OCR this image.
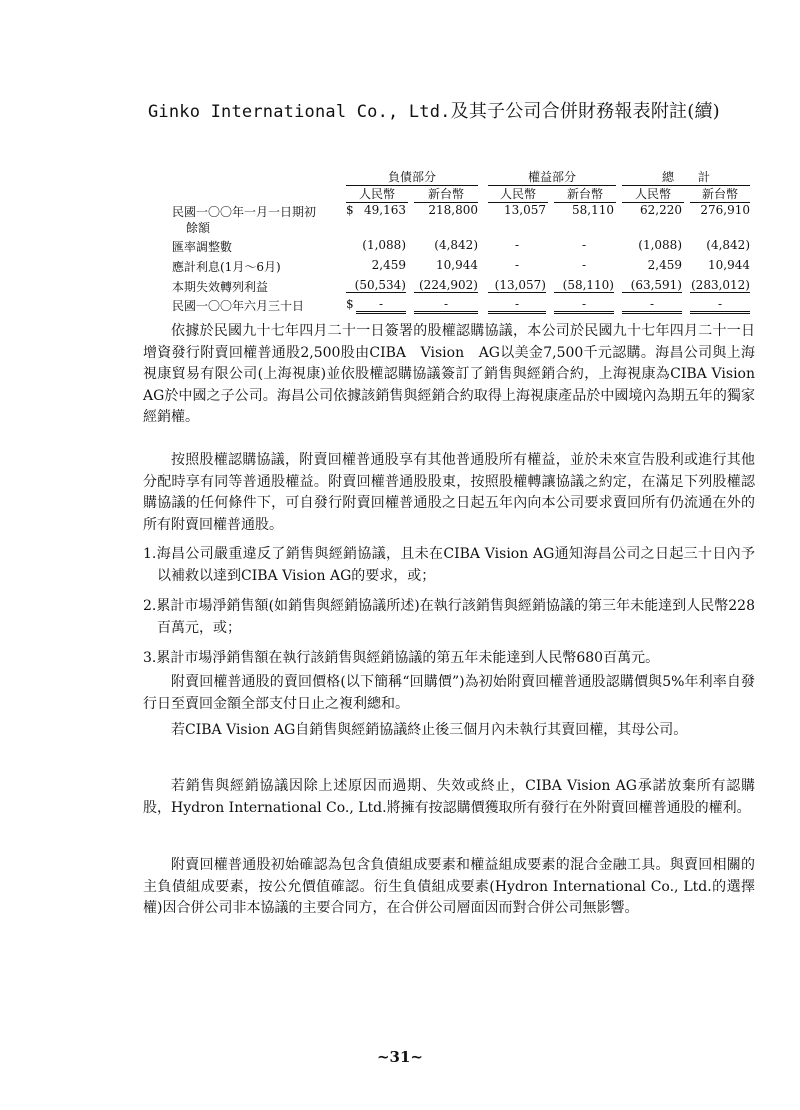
Ginko International Co., Ltd.及其子公司合併財務報表附註(續)
負債部分	權益部分	總　　計
人民幣	新台幣	人民幣	新台幣	人民幣	新台幣
民國一〇〇年一月一日期初
餘額
$ 49,163	218,800	13,057	58,110	62,220	276,910
匯率調整數	(1,088)	(4,842)	-	-	(1,088)	(4,842)
應計利息(1月～6月)	2,459	10,944	-	-	2,459	10,944
本期失效轉列利益	(50,534)	(224,902)	(13,057)	(58,110)	(63,591) (283,012)
民國一〇〇年六月三十日	$	-	-	-	-	-	-
依據於民國九十七年四月二十一日簽署的股權認購協議，本公司於民國九十七年四月二十一日增資發行附賣回權普通股2,500股由CIBA　Vision　AG以美金7,500千元認購。海昌公司與上海視康貿易有限公司(上海視康)並依股權認購協議簽訂了銷售與經銷合約，上海視康為CIBA Vision AG於中國之子公司。海昌公司依據該銷售與經銷合約取得上海視康產品於中國境內為期五年的獨家經銷權。
按照股權認購協議，附賣回權普通股享有其他普通股所有權益，並於未來宣告股利或進行其他分配時享有同等普通股權益。附賣回權普通股股東，按照股權轉讓協議之約定，在滿足下列股權認購協議的任何條件下，可自發行附賣回權普通股之日起五年內向本公司要求賣回所有仍流通在外的所有附賣回權普通股。
1.海昌公司嚴重違反了銷售與經銷協議，且未在CIBA Vision AG通知海昌公司之日起三十日內予以補救以達到CIBA Vision AG的要求，或；
2.累計市場淨銷售額(如銷售與經銷協議所述)在執行該銷售與經銷協議的第三年未能達到人民幣228百萬元，或；
3.累計市場淨銷售額在執行該銷售與經銷協議的第五年未能達到人民幣680百萬元。
附賣回權普通股的賣回價格(以下簡稱“回購價”)為初始附賣回權普通股認購價與5%年利率自發行日至賣回金額全部支付日止之複利總和。
若CIBA Vision AG自銷售與經銷協議終止後三個月內未執行其賣回權，其母公司。
若銷售與經銷協議因除上述原因而過期、失效或終止，CIBA Vision AG承諾放棄所有認購股，Hydron International Co., Ltd.將擁有按認購價獲取所有發行在外附賣回權普通股的權利。
附賣回權普通股初始確認為包含負債組成要素和權益組成要素的混合金融工具。與賣回相關的主負債組成要素，按公允價值確認。衍生負債組成要素(Hydron International Co., Ltd.的選擇權)因合併公司非本協議的主要合同方，在合併公司層面因而對合併公司無影響。
~31~
